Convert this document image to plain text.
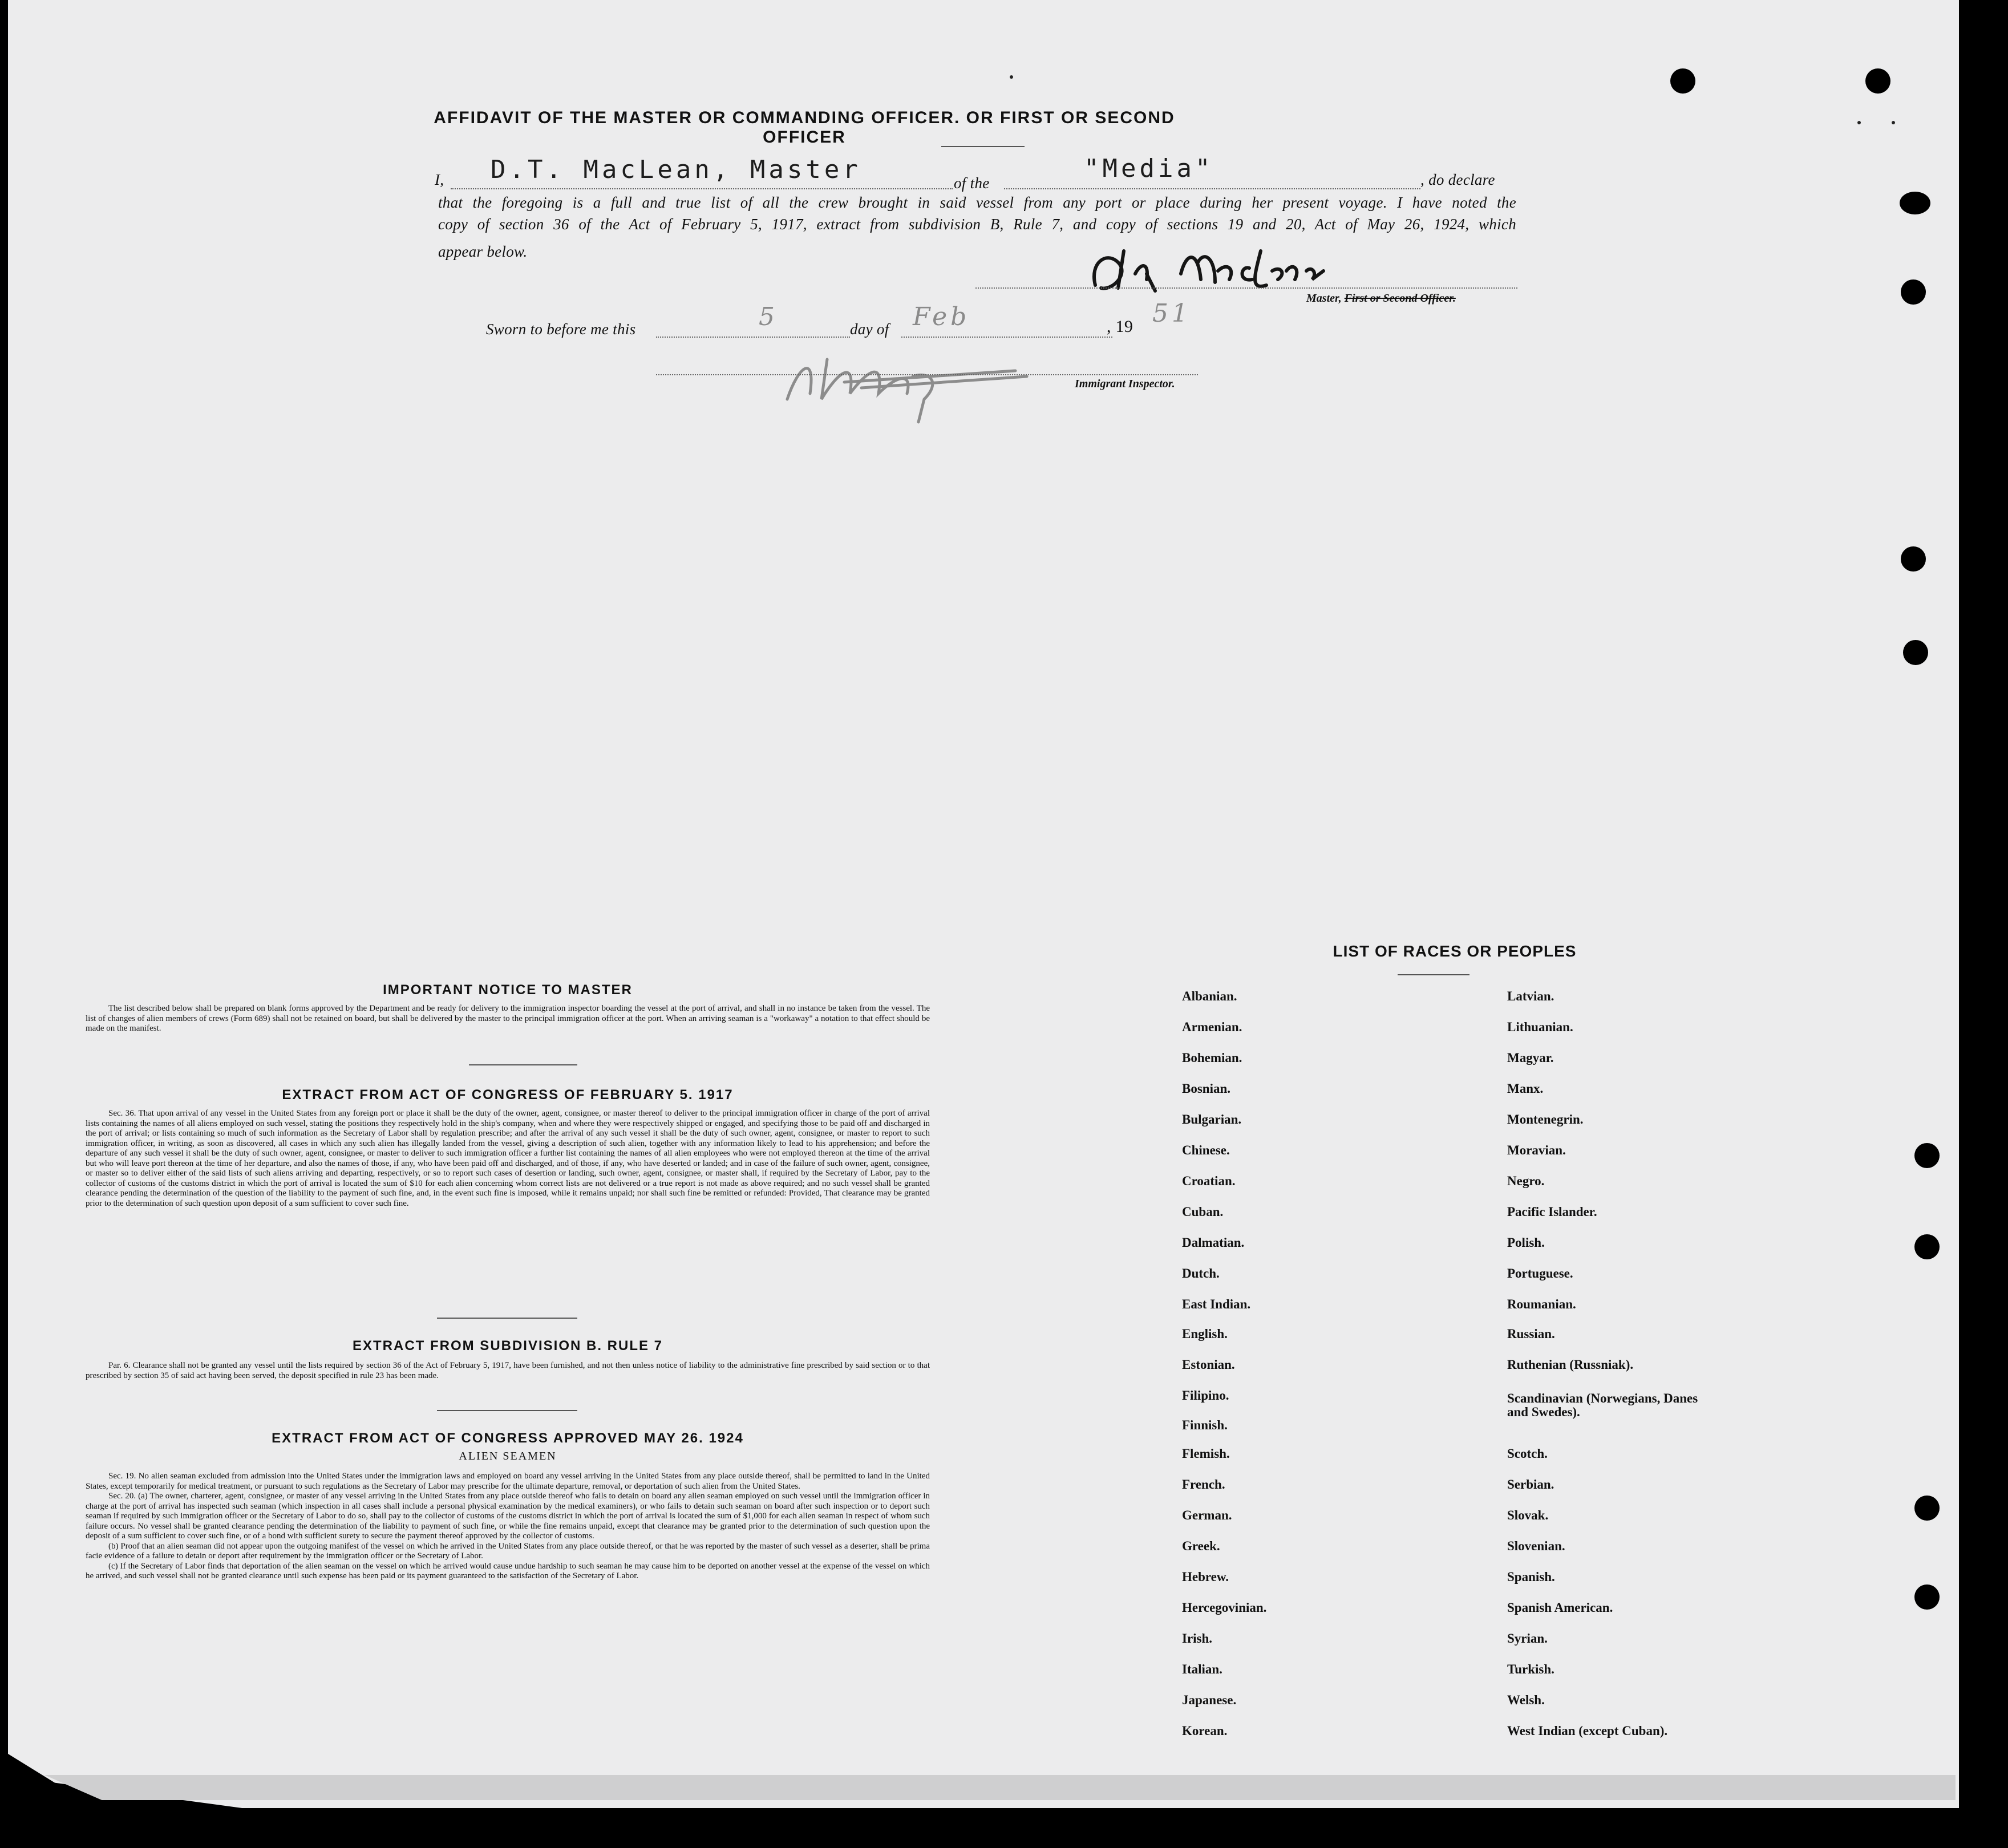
AFFIDAVIT OF THE MASTER OR COMMANDING OFFICER. OR FIRST OR SECOND OFFICER
I, D.T. MacLean, Master	of the	"Media"	, do declare
that the foregoing is a full and true list of all the crew brought in said vessel from any port or place during her present voyage. I have noted the
copy of section 36 of the Act of February 5, 1917, extract from subdivision B, Rule 7, and copy of sections 19 and 20, Act of May 26, 1924, which
appear below.
Master, First or Second Officer.
Sworn to before me this	5	day of Feb	, 19 51
Immigrant Inspector.
IMPORTANT NOTICE TO MASTER

The list described below shall be prepared on blank forms approved by the Department and be ready for delivery to the immigration inspector boarding the vessel at the port of arrival, and shall in no instance be taken from the vessel. The list of changes of alien members of crews (Form 689) shall not be retained on board, but shall be delivered by the master to the principal immigration officer at the port. When an arriving seaman is a "workaway" a notation to that effect should be made on the manifest.

EXTRACT FROM ACT OF CONGRESS OF FEBRUARY 5. 1917

Sec. 36. That upon arrival of any vessel in the United States from any foreign port or place it shall be the duty of the owner, agent, consignee, or master thereof to deliver to the principal immigration officer in charge of the port of arrival lists containing the names of all aliens employed on such vessel, stating the positions they respectively hold in the ship's company, when and where they were respectively shipped or engaged, and specifying those to be paid off and discharged in the port of arrival; or lists containing so much of such information as the Secretary of Labor shall by regulation prescribe; and after the arrival of any such vessel it shall be the duty of such owner, agent, consignee, or master to report to such immigration officer, in writing, as soon as discovered, all cases in which any such alien has illegally landed from the vessel, giving a description of such alien, together with any information likely to lead to his apprehension; and before the departure of any such vessel it shall be the duty of such owner, agent, consignee, or master to deliver to such immigration officer a further list containing the names of all alien employees who were not employed thereon at the time of the arrival but who will leave port thereon at the time of her departure, and also the names of those, if any, who have been paid off and discharged, and of those, if any, who have deserted or landed; and in case of the failure of such owner, agent, consignee, or master so to deliver either of the said lists of such aliens arriving and departing, respectively, or so to report such cases of desertion or landing, such owner, agent, consignee, or master shall, if required by the Secretary of Labor, pay to the collector of customs of the customs district in which the port of arrival is located the sum of $10 for each alien concerning whom correct lists are not delivered or a true report is not made as above required; and no such vessel shall be granted clearance pending the determination of the question of the liability to the payment of such fine, and, in the event such fine is imposed, while it remains unpaid; nor shall such fine be remitted or refunded: Provided, That clearance may be granted prior to the determination of such question upon deposit of a sum sufficient to cover such fine.

EXTRACT FROM SUBDIVISION B. RULE 7

Par. 6. Clearance shall not be granted any vessel until the lists required by section 36 of the Act of February 5, 1917, have been furnished, and not then unless notice of liability to the administrative fine prescribed by said section or to that prescribed by section 35 of said act having been served, the deposit specified in rule 23 has been made.

EXTRACT FROM ACT OF CONGRESS APPROVED MAY 26. 1924
ALIEN SEAMEN

Sec. 19. No alien seaman excluded from admission into the United States under the immigration laws and employed on board any vessel arriving in the United States from any place outside thereof, shall be permitted to land in the United States, except temporarily for medical treatment, or pursuant to such regulations as the Secretary of Labor may prescribe for the ultimate departure, removal, or deportation of such alien from the United States.

Sec. 20. (a) The owner, charterer, agent, consignee, or master of any vessel arriving in the United States from any place outside thereof who fails to detain on board any alien seaman employed on such vessel until the immigration officer in charge at the port of arrival has inspected such seaman (which inspection in all cases shall include a personal physical examination by the medical examiners), or who fails to detain such seaman on board after such inspection or to deport such seaman if required by such immigration officer or the Secretary of Labor to do so, shall pay to the collector of customs of the customs district in which the port of arrival is located the sum of $1,000 for each alien seaman in respect of whom such failure occurs. No vessel shall be granted clearance pending the determination of the liability to payment of such fine, or while the fine remains unpaid, except that clearance may be granted prior to the determination of such question upon the deposit of a sum sufficient to cover such fine, or of a bond with sufficient surety to secure the payment thereof approved by the collector of customs.

(b) Proof that an alien seaman did not appear upon the outgoing manifest of the vessel on which he arrived in the United States from any place outside thereof, or that he was reported by the master of such vessel as a deserter, shall be prima facie evidence of a failure to detain or deport after requirement by the immigration officer or the Secretary of Labor.

(c) If the Secretary of Labor finds that deportation of the alien seaman on the vessel on which he arrived would cause undue hardship to such seaman he may cause him to be deported on another vessel at the expense of the vessel on which he arrived, and such vessel shall not be granted clearance until such expense has been paid or its payment guaranteed to the satisfaction of the Secretary of Labor.

LIST OF RACES OR PEOPLES
Albanian.
Armenian.
Bohemian.
Bosnian.
Bulgarian.
Chinese.
Croatian.
Cuban.
Dalmatian.
Dutch.
East Indian.
English.
Estonian.
Filipino.
Finnish.
Flemish.
French.
German.
Greek.
Hebrew.
Hercegovinian.
Irish.
Italian.
Japanese.
Korean.
Latvian.
Lithuanian.
Magyar.
Manx.
Montenegrin.
Moravian.
Negro.
Pacific Islander.
Polish.
Portuguese.
Roumanian.
Russian.
Ruthenian (Russniak).
Scandinavian (Norwegians, Danes and Swedes).
Scotch.
Serbian.
Slovak.
Slovenian.
Spanish.
Spanish American.
Syrian.
Turkish.
Welsh.
West Indian (except Cuban).
